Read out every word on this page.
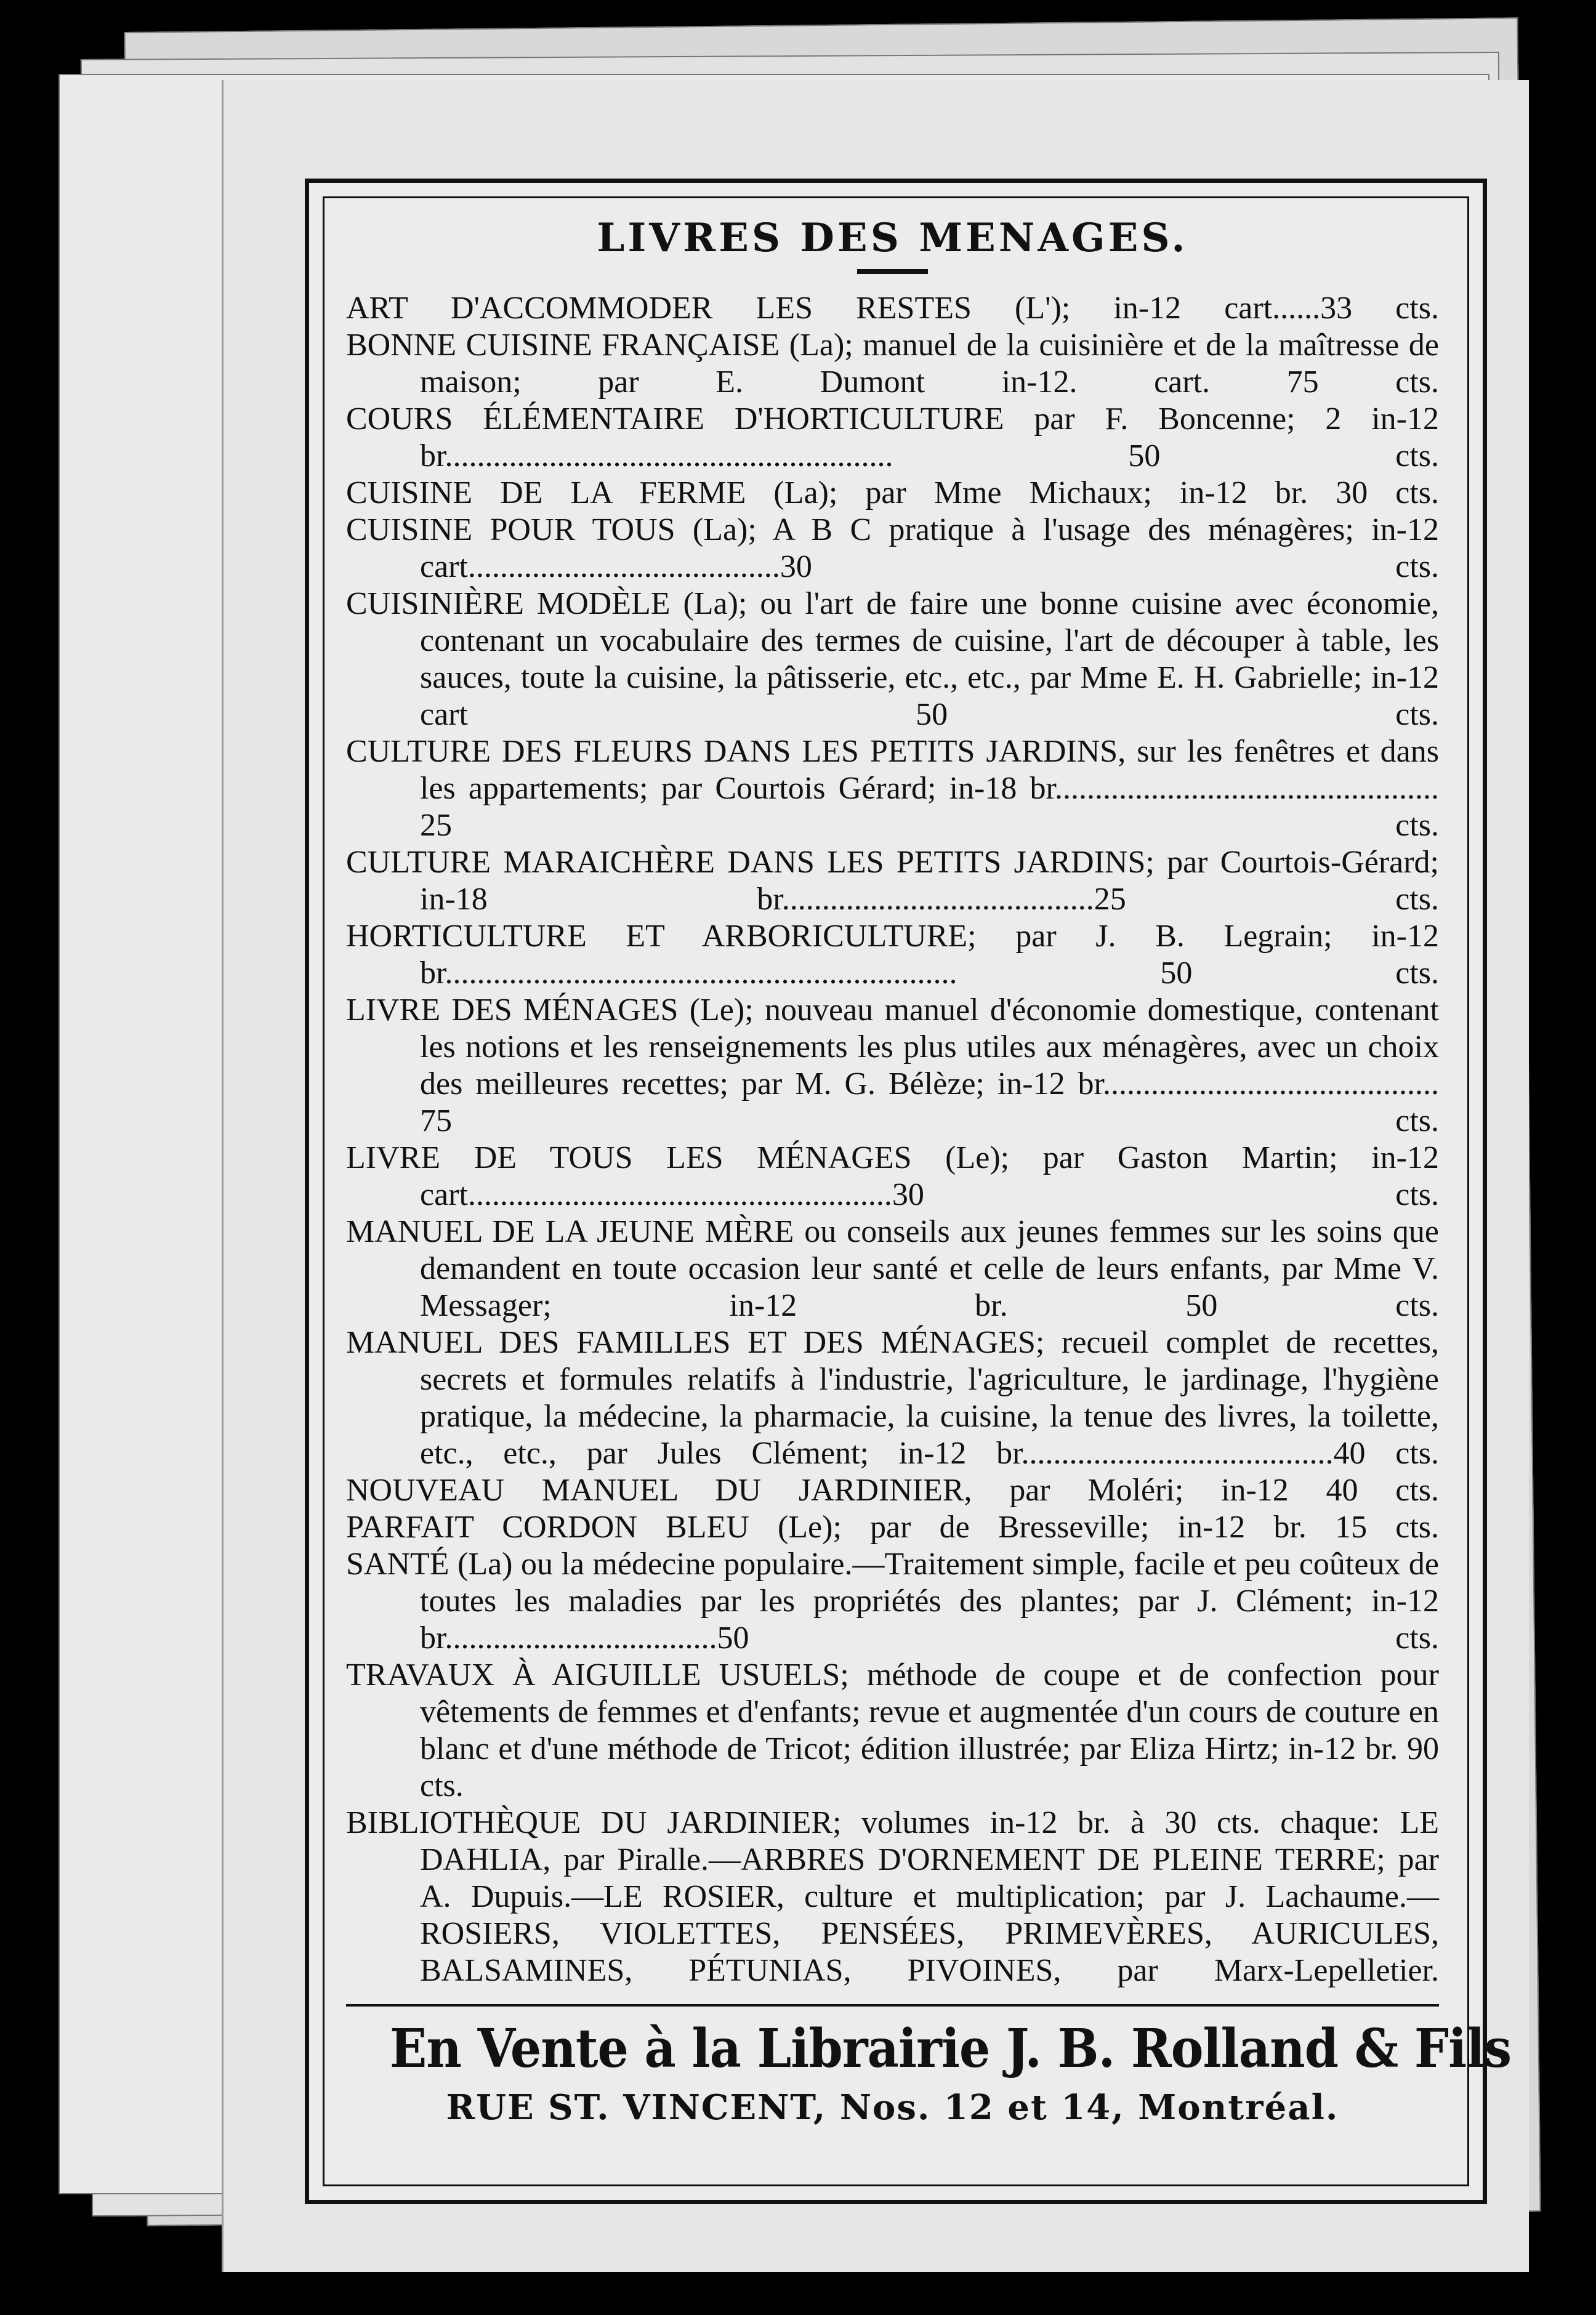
LIVRES DES MENAGES.

ART D'ACCOMMODER LES RESTES (L'); in-12 cart......33 cts.

BONNE CUISINE FRANÇAISE (La); manuel de la cuisinière et de la maîtresse de maison; par E. Dumont in-12. cart. 75 cts.

COURS ÉLÉMENTAIRE D'HORTICULTURE par F. Boncenne; 2 in-12 br........................................................ 50 cts.

CUISINE DE LA FERME (La); par Mme Michaux; in-12 br. 30 cts.

CUISINE POUR TOUS (La); A B C pratique à l'usage des ménagères; in-12 cart.......................................30 cts.

CUISINIÈRE MODÈLE (La); ou l'art de faire une bonne cuisine avec économie, contenant un vocabulaire des termes de cuisine, l'art de découper à table, les sauces, toute la cuisine, la pâtisserie, etc., etc., par Mme E. H. Gabrielle; in-12 cart 50 cts.

CULTURE DES FLEURS DANS LES PETITS JARDINS, sur les fenêtres et dans les appartements; par Courtois Gérard; in-18 br................................................ 25 cts.

CULTURE MARAICHÈRE DANS LES PETITS JARDINS; par Courtois-Gérard; in-18 br.......................................25 cts.

HORTICULTURE ET ARBORICULTURE; par J. B. Legrain; in-12 br................................................................ 50 cts.

LIVRE DES MÉNAGES (Le); nouveau manuel d'économie domestique, contenant les notions et les renseignements les plus utiles aux ménagères, avec un choix des meilleures recettes; par M. G. Bélèze; in-12 br.......................................... 75 cts.

LIVRE DE TOUS LES MÉNAGES (Le); par Gaston Martin; in-12 cart.....................................................30 cts.

MANUEL DE LA JEUNE MÈRE ou conseils aux jeunes femmes sur les soins que demandent en toute occasion leur santé et celle de leurs enfants, par Mme V. Messager; in-12 br. 50 cts.

MANUEL DES FAMILLES ET DES MÉNAGES; recueil complet de recettes, secrets et formules relatifs à l'industrie, l'agriculture, le jardinage, l'hygiène pratique, la médecine, la pharmacie, la cuisine, la tenue des livres, la toilette, etc., etc., par Jules Clément; in-12 br.......................................40 cts.

NOUVEAU MANUEL DU JARDINIER, par Moléri; in-12 40 cts.

PARFAIT CORDON BLEU (Le); par de Bresseville; in-12 br. 15 cts.

SANTÉ (La) ou la médecine populaire.—Traitement simple, facile et peu coûteux de toutes les maladies par les propriétés des plantes; par J. Clément; in-12 br..................................50 cts.

TRAVAUX À AIGUILLE USUELS; méthode de coupe et de confection pour vêtements de femmes et d'enfants; revue et augmentée d'un cours de couture en blanc et d'une méthode de Tricot; édition illustrée; par Eliza Hirtz; in-12 br. 90 cts.

BIBLIOTHÈQUE DU JARDINIER; volumes in-12 br. à 30 cts. chaque: LE DAHLIA, par Piralle.—ARBRES D'ORNEMENT DE PLEINE TERRE; par A. Dupuis.—LE ROSIER, culture et multiplication; par J. Lachaume.—ROSIERS, VIOLETTES, PENSÉES, PRIMEVÈRES, AURICULES, BALSAMINES, PÉTUNIAS, PIVOINES, par Marx-Lepelletier.

En Vente à la Librairie J. B. Rolland & Fils

RUE ST. VINCENT, Nos. 12 et 14, Montréal.
